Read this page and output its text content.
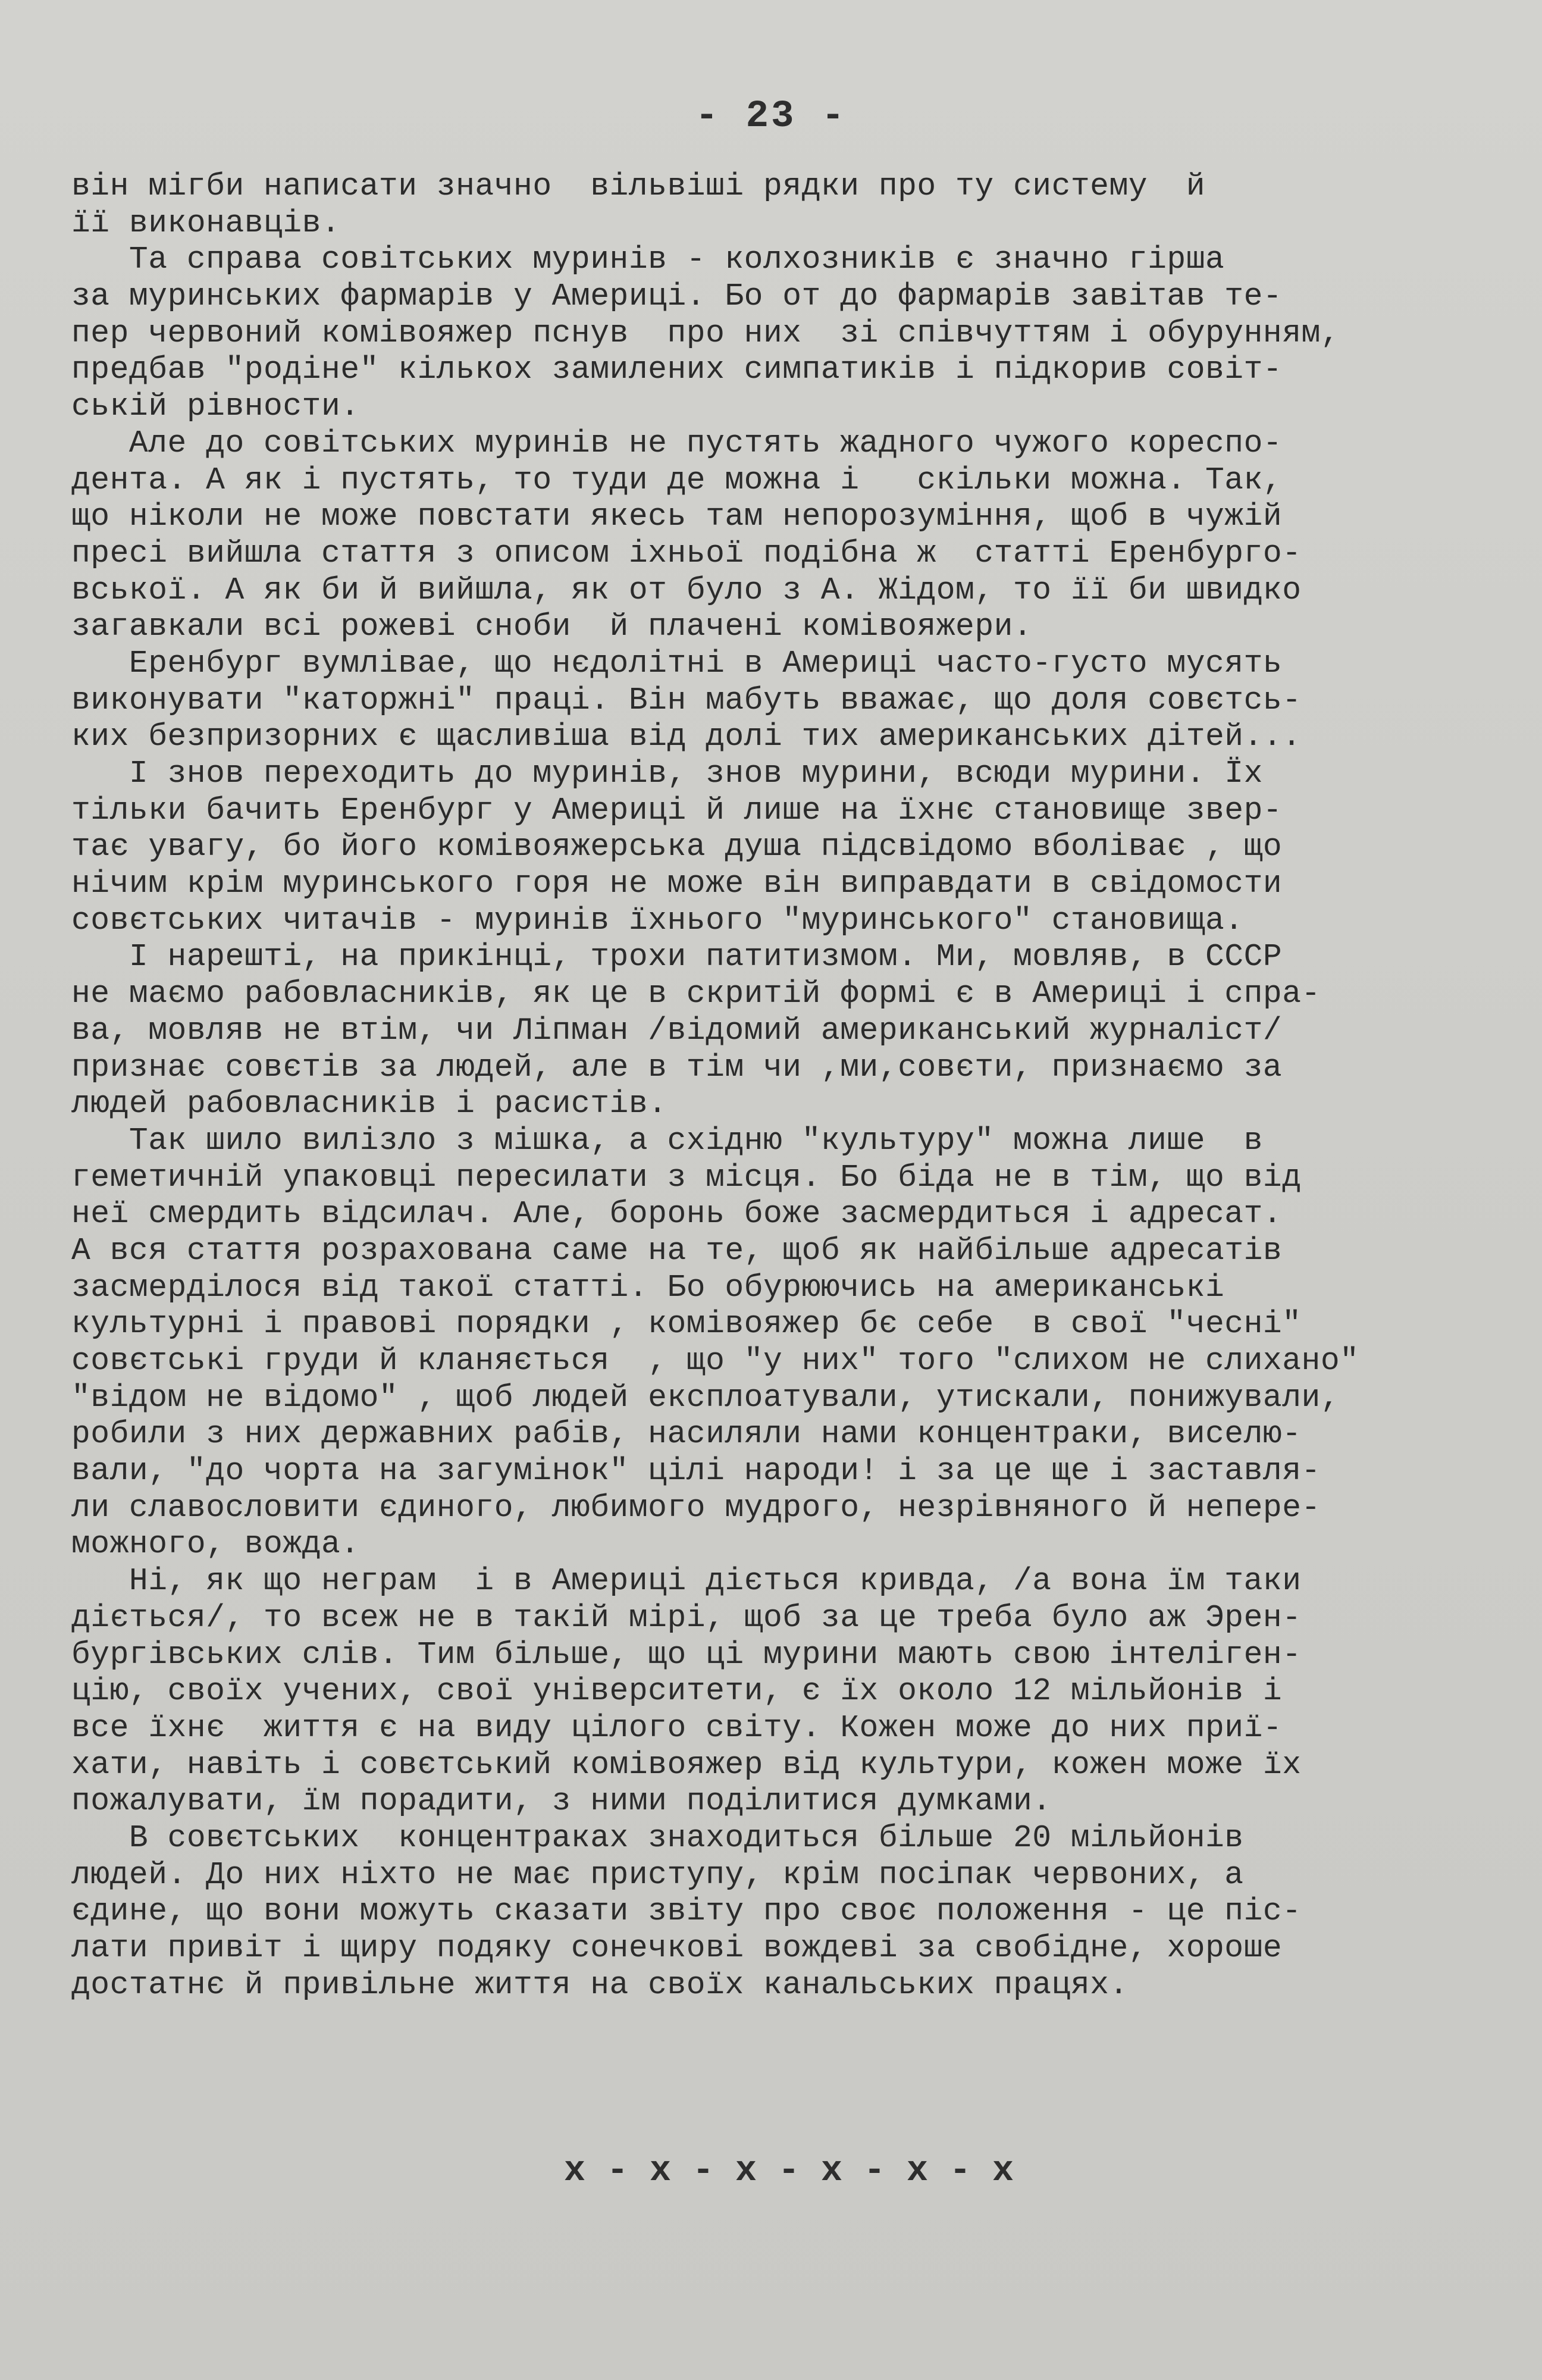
- 23 -
він мігби написати значно  вільвіші рядки про ту систему  й
її виконавців.
Та справа совітських муринів - колхозників є значно гірша
за муринських фармарів у Америці. Бо от до фармарів завітав те-
пер червоний комівояжер пснув  про них  зі співчуттям і обурунням,
предбав "родіне" кількох замилених симпатиків і підкорив совіт-
ській рівности.
Але до совітських муринів не пустять жадного чужого кореспо-
дента. А як і пустять, то туди де можна і   скільки можна. Так,
що ніколи не може повстати якесь там непорозуміння, щоб в чужій
пресі вийшла стаття з описом іхньої подібна ж  статті Еренбурго-
вської. А як би й вийшла, як от було з А. Жідом, то її би швидко
загавкали всі рожеві сноби  й плачені комівояжери.
Еренбург вумлівае, що нєдолітні в Америці часто-густо мусять
виконувати "каторжні" праці. Він мабуть вважає, що доля совєтсь-
ких безпризорних є щасливіша від долі тих американських дітей...
І знов переходить до муринів, знов мурини, всюди мурини. Їх
тільки бачить Еренбург у Америці й лише на їхнє становище звер-
тає увагу, бо його комівояжерська душа підсвідомо вболіває , що
нічим крім муринського горя не може він виправдати в свідомости
совєтських читачів - муринів їхнього "муринського" становища.
І нарешті, на прикінці, трохи патитизмом. Ми, мовляв, в СССР
не маємо рабовласників, як це в скритій формі є в Америці і спра-
ва, мовляв не втім, чи Ліпман /відомий американський журналіст/
признає совєтів за людей, але в тім чи ,ми,совєти, признаємо за
людей рабовласників і расистів.
Так шило вилізло з мішка, а східню "культуру" можна лише  в
геметичній упаковці пересилати з місця. Бо біда не в тім, що від
неї смердить відсилач. Але, боронь боже засмердиться і адресат.
А вся стаття розрахована саме на те, щоб як найбільше адресатів
засмерділося від такої статті. Бо обурюючись на американські
культурні і правові порядки , комівояжер бє себе  в свої "чесні"
совєтські груди й кланяється  , що "у них" того "слихом не слихано"
"відом не відомо" , щоб людей експлоатували, утискали, понижували,
робили з них державних рабів, насиляли нами концентраки, виселю-
вали, "до чорта на загумінок" цілі народи! і за це ще і заставля-
ли славословити єдиного, любимого мудрого, незрівняного й непере-
можного, вожда.
Ні, як що неграм  і в Америці діється кривда, /а вона їм таки
діється/, то всеж не в такій мірі, щоб за це треба було аж Эрен-
бургівських слів. Тим більше, що ці мурини мають свою інтеліген-
цію, своїх учених, свої університети, є їх около 12 мільйонів і
все їхнє  життя є на виду цілого світу. Кожен може до них приї-
хати, навіть і совєтський комівояжер від культури, кожен може їх
пожалувати, їм порадити, з ними поділитися думками.
В совєтських  концентраках знаходиться більше 20 мільйонів
людей. До них ніхто не має приступу, крім посіпак червоних, а
єдине, що вони можуть сказати звіту про своє положення - це піс-
лати привіт і щиру подяку сонечкові вождеві за свобідне, хороше
достатнє й привільне життя на своїх канальських працях.
x - x - x - x - x - x
